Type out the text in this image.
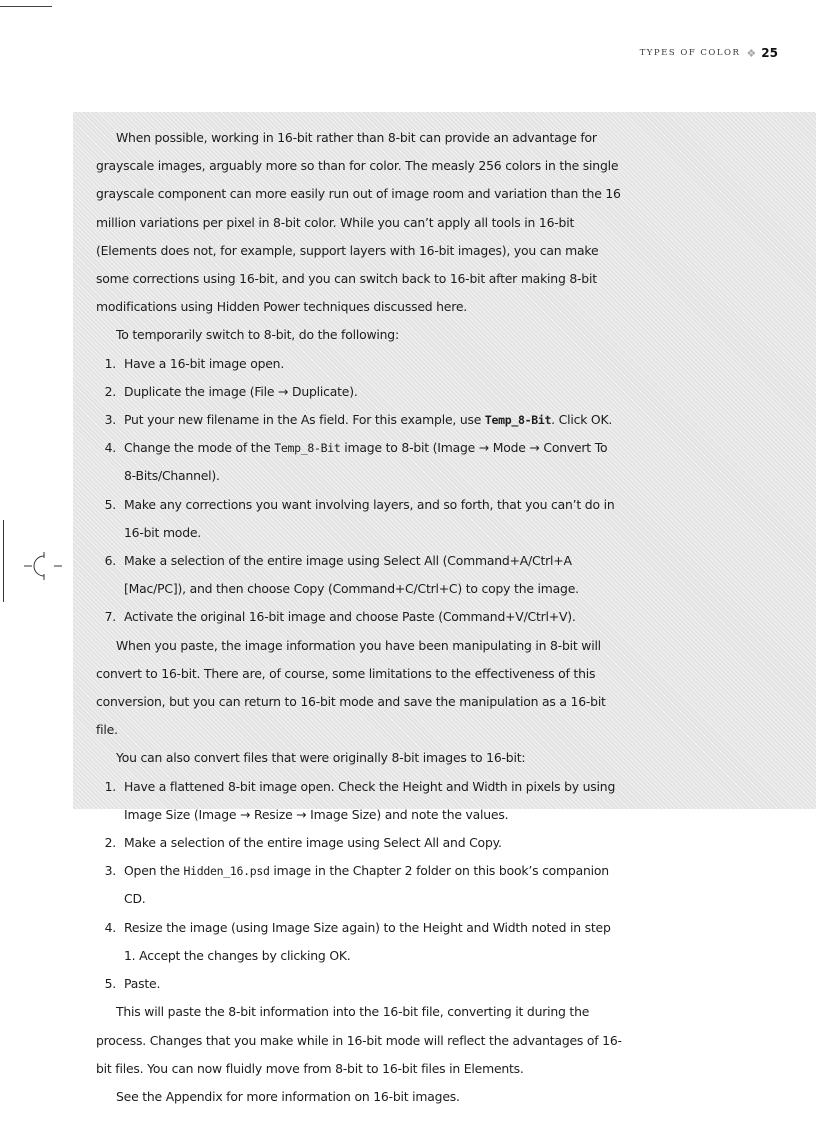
TYPES OF COLOR ❖ 25

When possible, working in 16-bit rather than 8-bit can provide an advantage for grayscale images, arguably more so than for color. The measly 256 colors in the single grayscale component can more easily run out of image room and variation than the 16 million variations per pixel in 8-bit color. While you can’t apply all tools in 16-bit (Elements does not, for example, support layers with 16-bit images), you can make some corrections using 16-bit, and you can switch back to 16-bit after making 8-bit modifications using Hidden Power techniques discussed here.

To temporarily switch to 8-bit, do the following:

1. Have a 16-bit image open.
2. Duplicate the image (File → Duplicate).
3. Put your new filename in the As field. For this example, use Temp_8-Bit. Click OK.
4. Change the mode of the Temp_8-Bit image to 8-bit (Image → Mode → Convert To 8-Bits/Channel).
5. Make any corrections you want involving layers, and so forth, that you can’t do in 16-bit mode.
6. Make a selection of the entire image using Select All (Command+A/Ctrl+A [Mac/PC]), and then choose Copy (Command+C/Ctrl+C) to copy the image.
7. Activate the original 16-bit image and choose Paste (Command+V/Ctrl+V).

When you paste, the image information you have been manipulating in 8-bit will convert to 16-bit. There are, of course, some limitations to the effectiveness of this conversion, but you can return to 16-bit mode and save the manipulation as a 16-bit file.

You can also convert files that were originally 8-bit images to 16-bit:

1. Have a flattened 8-bit image open. Check the Height and Width in pixels by using Image Size (Image → Resize → Image Size) and note the values.
2. Make a selection of the entire image using Select All and Copy.
3. Open the Hidden_16.psd image in the Chapter 2 folder on this book’s companion CD.
4. Resize the image (using Image Size again) to the Height and Width noted in step 1. Accept the changes by clicking OK.
5. Paste.

This will paste the 8-bit information into the 16-bit file, converting it during the process. Changes that you make while in 16-bit mode will reflect the advantages of 16-bit files. You can now fluidly move from 8-bit to 16-bit files in Elements.

See the Appendix for more information on 16-bit images.
